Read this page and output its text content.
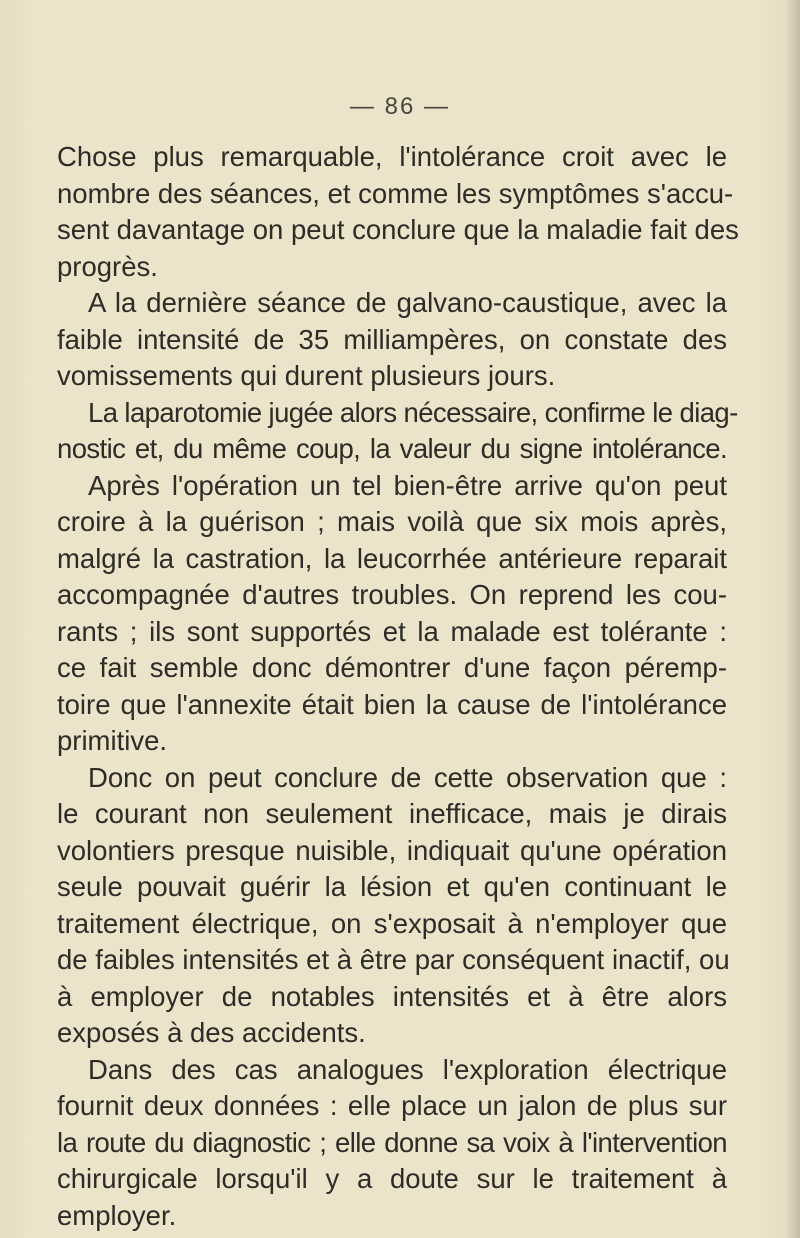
— 86 —
Chose plus remarquable, l'intolérance croit avec le
nombre des séances, et comme les symptômes s'accu-
sent davantage on peut conclure que la maladie fait des
progrès.
A la dernière séance de galvano-caustique, avec la
faible intensité de 35 milliampères, on constate des
vomissements qui durent plusieurs jours.
La laparotomie jugée alors nécessaire, confirme le diag-
nostic et, du même coup, la valeur du signe intolérance.
Après l'opération un tel bien-être arrive qu'on peut
croire à la guérison ; mais voilà que six mois après,
malgré la castration, la leucorrhée antérieure reparait
accompagnée d'autres troubles. On reprend les cou-
rants ; ils sont supportés et la malade est tolérante :
ce fait semble donc démontrer d'une façon péremp-
toire que l'annexite était bien la cause de l'intolérance
primitive.
Donc on peut conclure de cette observation que :
le courant non seulement inefficace, mais je dirais
volontiers presque nuisible, indiquait qu'une opération
seule pouvait guérir la lésion et qu'en continuant le
traitement électrique, on s'exposait à n'employer que
de faibles intensités et à être par conséquent inactif, ou
à employer de notables intensités et à être alors
exposés à des accidents.
Dans des cas analogues l'exploration électrique
fournit deux données : elle place un jalon de plus sur
la route du diagnostic ; elle donne sa voix à l'intervention
chirurgicale lorsqu'il y a doute sur le traitement à
employer.
